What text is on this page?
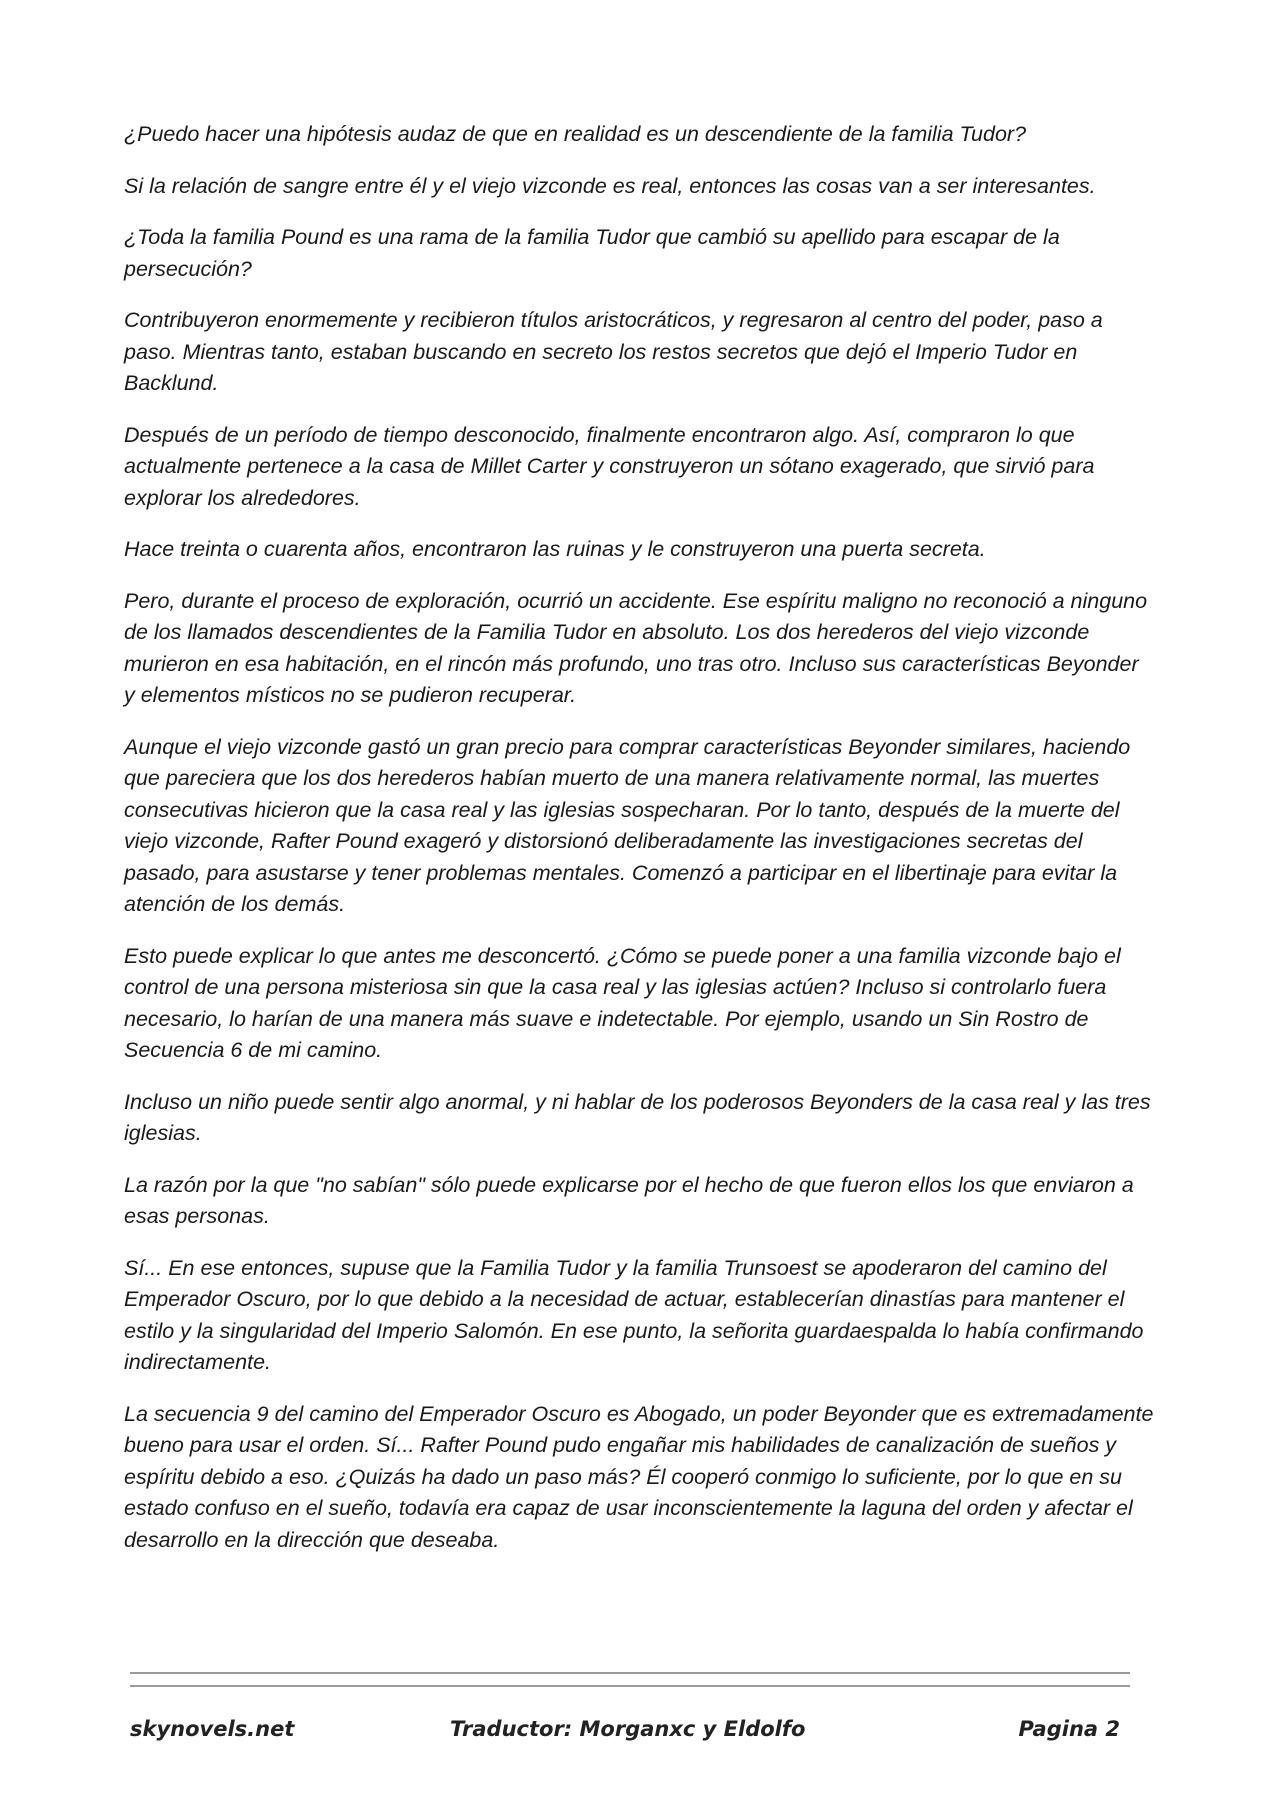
¿Puedo hacer una hipótesis audaz de que en realidad es un descendiente de la familia Tudor?

Si la relación de sangre entre él y el viejo vizconde es real, entonces las cosas van a ser interesantes.

¿Toda la familia Pound es una rama de la familia Tudor que cambió su apellido para escapar de la persecución?

Contribuyeron enormemente y recibieron títulos aristocráticos, y regresaron al centro del poder, paso a paso. Mientras tanto, estaban buscando en secreto los restos secretos que dejó el Imperio Tudor en Backlund.

Después de un período de tiempo desconocido, finalmente encontraron algo. Así, compraron lo que actualmente pertenece a la casa de Millet Carter y construyeron un sótano exagerado, que sirvió para explorar los alrededores.

Hace treinta o cuarenta años, encontraron las ruinas y le construyeron una puerta secreta.

Pero, durante el proceso de exploración, ocurrió un accidente. Ese espíritu maligno no reconoció a ninguno de los llamados descendientes de la Familia Tudor en absoluto. Los dos herederos del viejo vizconde murieron en esa habitación, en el rincón más profundo, uno tras otro. Incluso sus características Beyonder y elementos místicos no se pudieron recuperar.

Aunque el viejo vizconde gastó un gran precio para comprar características Beyonder similares, haciendo que pareciera que los dos herederos habían muerto de una manera relativamente normal, las muertes consecutivas hicieron que la casa real y las iglesias sospecharan. Por lo tanto, después de la muerte del viejo vizconde, Rafter Pound exageró y distorsionó deliberadamente las investigaciones secretas del pasado, para asustarse y tener problemas mentales. Comenzó a participar en el libertinaje para evitar la atención de los demás.

Esto puede explicar lo que antes me desconcertó. ¿Cómo se puede poner a una familia vizconde bajo el control de una persona misteriosa sin que la casa real y las iglesias actúen? Incluso si controlarlo fuera necesario, lo harían de una manera más suave e indetectable. Por ejemplo, usando un Sin Rostro de Secuencia 6 de mi camino.

Incluso un niño puede sentir algo anormal, y ni hablar de los poderosos Beyonders de la casa real y las tres iglesias.

La razón por la que "no sabían" sólo puede explicarse por el hecho de que fueron ellos los que enviaron a esas personas.

Sí... En ese entonces, supuse que la Familia Tudor y la familia Trunsoest se apoderaron del camino del Emperador Oscuro, por lo que debido a la necesidad de actuar, establecerían dinastías para mantener el estilo y la singularidad del Imperio Salomón. En ese punto, la señorita guardaespalda lo había confirmando indirectamente.

La secuencia 9 del camino del Emperador Oscuro es Abogado, un poder Beyonder que es extremadamente bueno para usar el orden. Sí... Rafter Pound pudo engañar mis habilidades de canalización de sueños y espíritu debido a eso. ¿Quizás ha dado un paso más? Él cooperó conmigo lo suficiente, por lo que en su estado confuso en el sueño, todavía era capaz de usar inconscientemente la laguna del orden y afectar el desarrollo en la dirección que deseaba.

skynovels.net	Traductor: Morganxc y Eldolfo	Pagina 2
